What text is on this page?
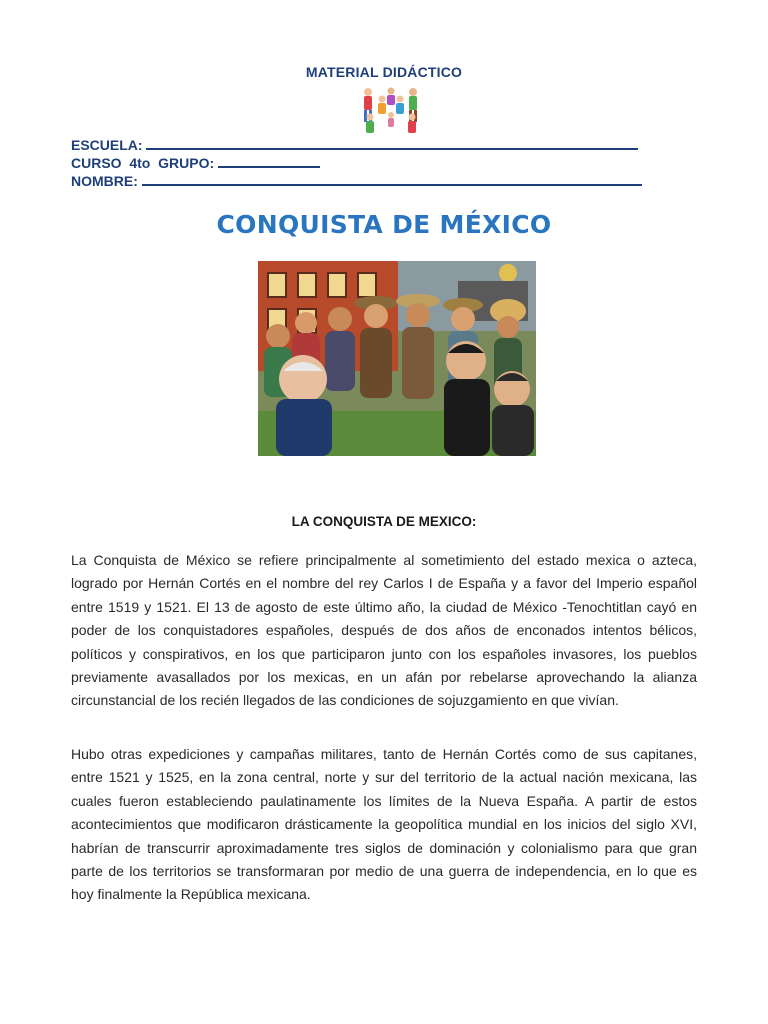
MATERIAL DIDÁCTICO
ESCUELA:
CURSO 4to GRUPO:
NOMBRE:
CONQUISTA DE MÉXICO
LA CONQUISTA DE MEXICO:

La Conquista de México se refiere principalmente al sometimiento del estado mexica o azteca, logrado por Hernán Cortés en el nombre del rey Carlos I de España y a favor del Imperio español entre 1519 y 1521. El 13 de agosto de este último año, la ciudad de México -Tenochtitlan cayó en poder de los conquistadores españoles, después de dos años de enconados intentos bélicos, políticos y conspirativos, en los que participaron junto con los españoles invasores, los pueblos previamente avasallados por los mexicas, en un afán por rebelarse aprovechando la alianza circunstancial de los recién llegados de las condiciones de sojuzgamiento en que vivían.

Hubo otras expediciones y campañas militares, tanto de Hernán Cortés como de sus capitanes, entre 1521 y 1525, en la zona central, norte y sur del territorio de la actual nación mexicana, las cuales fueron estableciendo paulatinamente los límites de la Nueva España. A partir de estos acontecimientos que modificaron drásticamente la geopolítica mundial en los inicios del siglo XVI, habrían de transcurrir aproximadamente tres siglos de dominación y colonialismo para que gran parte de los territorios se transformaran por medio de una guerra de independencia, en lo que es hoy finalmente la República mexicana.
